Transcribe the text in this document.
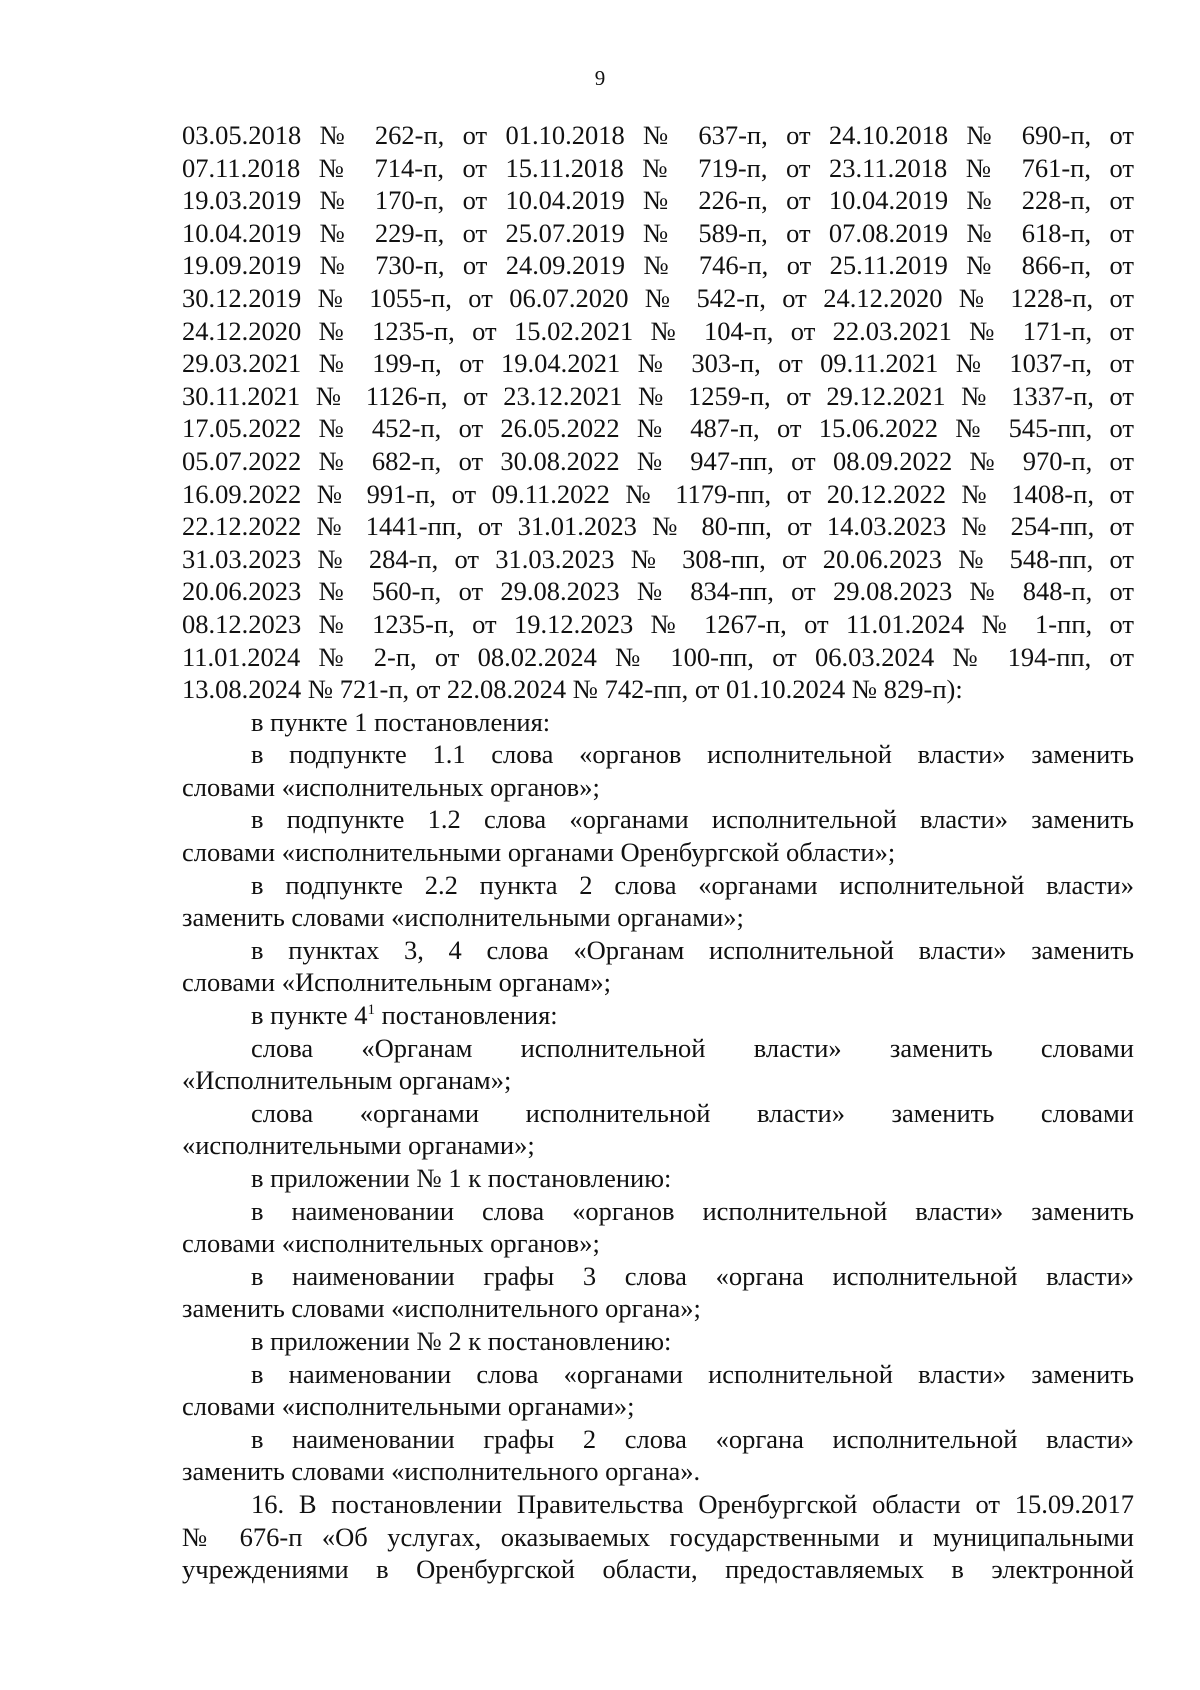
9
03.05.2018 № 262-п, от 01.10.2018 № 637-п, от 24.10.2018 № 690-п, от
07.11.2018 № 714-п, от 15.11.2018 № 719-п, от 23.11.2018 № 761-п, от
19.03.2019 № 170-п, от 10.04.2019 № 226-п, от 10.04.2019 № 228-п, от
10.04.2019 № 229-п, от 25.07.2019 № 589-п, от 07.08.2019 № 618-п, от
19.09.2019 № 730-п, от 24.09.2019 № 746-п, от 25.11.2019 № 866-п, от
30.12.2019 № 1055-п, от 06.07.2020 № 542-п, от 24.12.2020 № 1228-п, от
24.12.2020 № 1235-п, от 15.02.2021 № 104-п, от 22.03.2021 № 171-п, от
29.03.2021 № 199-п, от 19.04.2021 № 303-п, от 09.11.2021 № 1037-п, от
30.11.2021 № 1126-п, от 23.12.2021 № 1259-п, от 29.12.2021 № 1337-п, от
17.05.2022 № 452-п, от 26.05.2022 № 487-п, от 15.06.2022 № 545-пп, от
05.07.2022 № 682-п, от 30.08.2022 № 947-пп, от 08.09.2022 № 970-п, от
16.09.2022 № 991-п, от 09.11.2022 № 1179-пп, от 20.12.2022 № 1408-п, от
22.12.2022 № 1441-пп, от 31.01.2023 № 80-пп, от 14.03.2023 № 254-пп, от
31.03.2023 № 284-п, от 31.03.2023 № 308-пп, от 20.06.2023 № 548-пп, от
20.06.2023 № 560-п, от 29.08.2023 № 834-пп, от 29.08.2023 № 848-п, от
08.12.2023 № 1235-п, от 19.12.2023 № 1267-п, от 11.01.2024 № 1-пп, от
11.01.2024 № 2-п, от 08.02.2024 № 100-пп, от 06.03.2024 № 194-пп, от
13.08.2024 № 721-п, от 22.08.2024 № 742-пп, от 01.10.2024 № 829-п):
в пункте 1 постановления:
в подпункте 1.1 слова «органов исполнительной власти» заменить
словами «исполнительных органов»;
в подпункте 1.2 слова «органами исполнительной власти» заменить
словами «исполнительными органами Оренбургской области»;
в подпункте 2.2 пункта 2 слова «органами исполнительной власти»
заменить словами «исполнительными органами»;
в пунктах 3, 4 слова «Органам исполнительной власти» заменить
словами «Исполнительным органам»;
в пункте $4^1$ постановления:
слова «Органам исполнительной власти» заменить словами
«Исполнительным органам»;
слова «органами исполнительной власти» заменить словами
«исполнительными органами»;
в приложении № 1 к постановлению:
в наименовании слова «органов исполнительной власти» заменить
словами «исполнительных органов»;
в наименовании графы 3 слова «органа исполнительной власти»
заменить словами «исполнительного органа»;
в приложении № 2 к постановлению:
в наименовании слова «органами исполнительной власти» заменить
словами «исполнительными органами»;
в наименовании графы 2 слова «органа исполнительной власти»
заменить словами «исполнительного органа».
16. В постановлении Правительства Оренбургской области от 15.09.2017
№ 676-п «Об услугах, оказываемых государственными и муниципальными
учреждениями в Оренбургской области, предоставляемых в электронной
